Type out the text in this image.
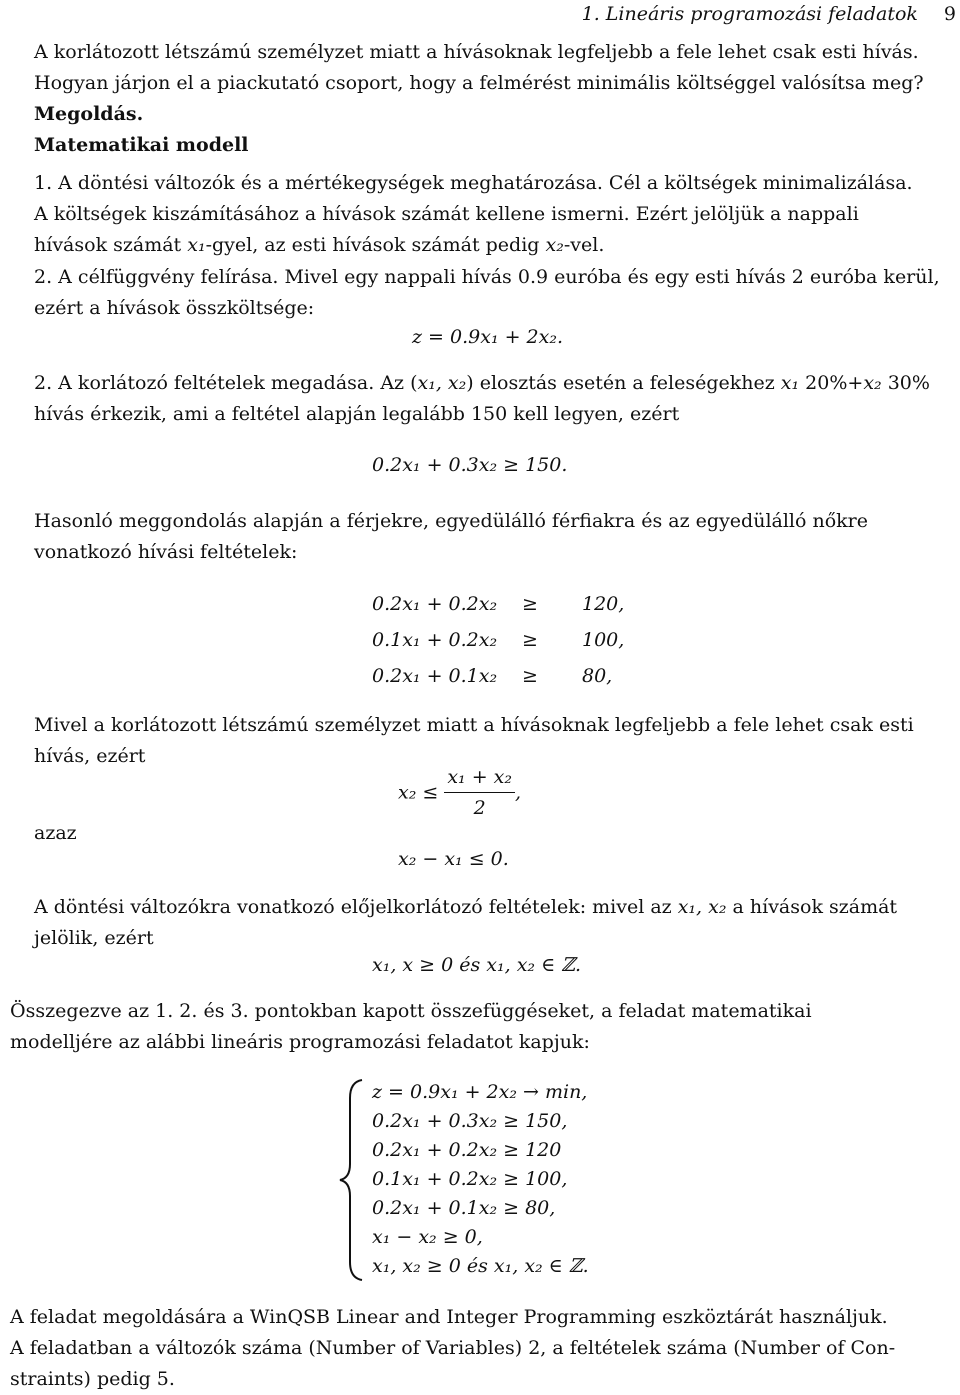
1. Lineáris programozási feladatok 9
A korlátozott létszámú személyzet miatt a hívásoknak legfeljebb a fele lehet csak esti hívás.
Hogyan járjon el a piackutató csoport, hogy a felmérést minimális költséggel valósítsa meg?
Megoldás.
Matematikai modell
1. A döntési változók és a mértékegységek meghatározása. Cél a költségek minimalizálása.
A költségek kiszámításához a hívások számát kellene ismerni. Ezért jelöljük a nappali
hívások számát x₁-gyel, az esti hívások számát pedig x₂-vel.
2. A célfüggvény felírása. Mivel egy nappali hívás 0.9 euróba és egy esti hívás 2 euróba kerül,
ezért a hívások összköltsége:
z = 0.9x₁ + 2x₂.
2. A korlátozó feltételek megadása. Az (x₁, x₂) elosztás esetén a feleségekhez x₁ 20%+x₂ 30%
hívás érkezik, ami a feltétel alapján legalább 150 kell legyen, ezért
0.2x₁ + 0.3x₂ ≥ 150.
Hasonló meggondolás alapján a férjekre, egyedülálló férfiakra és az egyedülálló nőkre
vonatkozó hívási feltételek:
0.2x₁ + 0.2x₂	≥	120,
0.1x₁ + 0.2x₂	≥	100,
0.2x₁ + 0.1x₂	≥	80,
Mivel a korlátozott létszámú személyzet miatt a hívásoknak legfeljebb a fele lehet csak esti
hívás, ezért
$x_2 \le \frac{\text{x₁ + x₂}}{2}$ ,
azaz
x₂ − x₁ ≤ 0.
A döntési változókra vonatkozó előjelkorlátozó feltételek: mivel az x₁, x₂ a hívások számát
jelölik, ezért
x₁, x ≥ 0 és x₁, x₂ ∈ ℤ.
Összegezve az 1. 2. és 3. pontokban kapott összefüggéseket, a feladat matematikai
modelljére az alábbi lineáris programozási feladatot kapjuk:
z = 0.9x₁ + 2x₂ → min,
0.2x₁ + 0.3x₂ ≥ 150,
0.2x₁ + 0.2x₂ ≥ 120
0.1x₁ + 0.2x₂ ≥ 100,
0.2x₁ + 0.1x₂ ≥ 80,
x₁ − x₂ ≥ 0,
x₁, x₂ ≥ 0 és x₁, x₂ ∈ ℤ.
A feladat megoldására a WinQSB Linear and Integer Programming eszköztárát használjuk.
A feladatban a változók száma (Number of Variables) 2, a feltételek száma (Number of Con-
straints) pedig 5.
